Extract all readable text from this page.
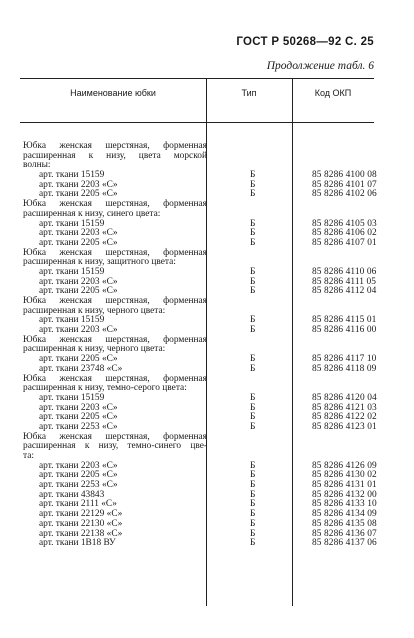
ГОСТ Р 50268—92 С. 25
Продолжение табл. 6
Наименование юбки	Тип	Код ОКП
Юбка женская шерстяная, форменная
расширенная к низу, цвета морской
волны:
арт. ткани 15159	Б	85 8286 4100 08
арт. ткани 2203 «С»	Б	85 8286 4101 07
арт. ткани 2205 «С»	Б	85 8286 4102 06
Юбка женская шерстяная, форменная
расширенная к низу, синего цвета:
арт. ткани 15159	Б	85 8286 4105 03
арт. ткани 2203 «С»	Б	85 8286 4106 02
арт. ткани 2205 «С»	Б	85 8286 4107 01
Юбка женская шерстяная, форменная
расширенная к низу, защитного цвета:
арт. ткани 15159	Б	85 8286 4110 06
арт. ткани 2203 «С»	Б	85 8286 4111 05
арт. ткани 2205 «С»	Б	85 8286 4112 04
Юбка женская шерстяная, форменная
расширенная к низу, черного цвета:
арт. ткани 15159	Б	85 8286 4115 01
арт. ткани 2203 «С»	Б	85 8286 4116 00
Юбка женская шерстяная, форменная
расширенная к низу, черного цвета:
арт. ткани 2205 «С»	Б	85 8286 4117 10
арт. ткани 23748 «С»	Б	85 8286 4118 09
Юбка женская шерстяная, форменная
расширенная к низу, темно-серого цвета:
арт. ткани 15159	Б	85 8286 4120 04
арт. ткани 2203 «С»	Б	85 8286 4121 03
арт. ткани 2205 «С»	Б	85 8286 4122 02
арт. ткани 2253 «С»	Б	85 8286 4123 01
Юбка женская шерстяная, форменная
расширенная к низу, темно-синего цве-
та:
арт. ткани 2203 «С»	Б	85 8286 4126 09
арт. ткани 2205 «С»	Б	85 8286 4130 02
арт. ткани 2253 «С»	Б	85 8286 4131 01
арт. ткани 43843	Б	85 8286 4132 00
арт. ткани 2111 «С»	Б	85 8286 4133 10
арт. ткани 22129 «С»	Б	85 8286 4134 09
арт. ткани 22130 «С»	Б	85 8286 4135 08
арт. ткани 22138 «С»	Б	85 8286 4136 07
арт. ткани 1В18 ВУ	Б	85 8286 4137 06
